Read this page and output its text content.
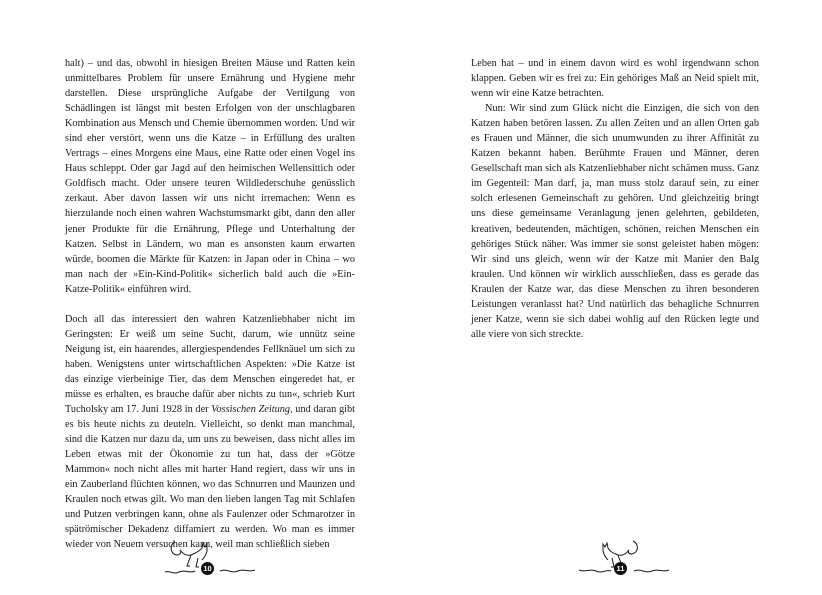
halt) – und das, obwohl in hiesigen Breiten Mäuse und Ratten kein unmittelbares Problem für unsere Ernährung und Hygiene mehr darstellen. Diese ursprüngliche Aufgabe der Vertilgung von Schädlingen ist längst mit besten Erfolgen von der unschlagbaren Kombination aus Mensch und Chemie übernommen worden. Und wir sind eher verstört, wenn uns die Katze – in Erfüllung des uralten Vertrags – eines Morgens eine Maus, eine Ratte oder einen Vogel ins Haus schleppt. Oder gar Jagd auf den heimischen Wellensittich oder Goldfisch macht. Oder unsere teuren Wildlederschuhe genüsslich zerkaut. Aber davon lassen wir uns nicht irremachen: Wenn es hierzulande noch einen wahren Wachstumsmarkt gibt, dann den aller jener Produkte für die Ernährung, Pflege und Unterhaltung der Katzen. Selbst in Ländern, wo man es ansonsten kaum erwarten würde, boomen die Märkte für Katzen: in Japan oder in China – wo man nach der »Ein-Kind-Politik« sicherlich bald auch die »Ein-Katze-Politik« einführen wird.

Doch all das interessiert den wahren Katzenliebhaber nicht im Geringsten: Er weiß um seine Sucht, darum, wie unnütz seine Neigung ist, ein haarendes, allergiespendendes Fellknäuel um sich zu haben. Wenigstens unter wirtschaftlichen Aspekten: »Die Katze ist das einzige vierbeinige Tier, das dem Menschen eingeredet hat, er müsse es erhalten, es brauche dafür aber nichts zu tun«, schrieb Kurt Tucholsky am 17. Juni 1928 in der Vossischen Zeitung, und daran gibt es bis heute nichts zu deuteln. Vielleicht, so denkt man manchmal, sind die Katzen nur dazu da, um uns zu beweisen, dass nicht alles im Leben etwas mit der Ökonomie zu tun hat, dass der »Götze Mammon« noch nicht alles mit harter Hand regiert, dass wir uns in ein Zauberland flüchten können, wo das Schnurren und Maunzen und Kraulen noch etwas gilt. Wo man den lieben langen Tag mit Schlafen und Putzen verbringen kann, ohne als Faulenzer oder Schmarotzer in spätrömischer Dekadenz diffamiert zu werden. Wo man es immer wieder von Neuem versuchen kann, weil man schließlich sieben

10

Leben hat – und in einem davon wird es wohl irgendwann schon klappen. Geben wir es frei zu: Ein gehöriges Maß an Neid spielt mit, wenn wir eine Katze betrachten.

Nun: Wir sind zum Glück nicht die Einzigen, die sich von den Katzen haben betören lassen. Zu allen Zeiten und an allen Orten gab es Frauen und Männer, die sich unumwunden zu ihrer Affinität zu Katzen bekannt haben. Berühmte Frauen und Männer, deren Gesellschaft man sich als Katzenliebhaber nicht schämen muss. Ganz im Gegenteil: Man darf, ja, man muss stolz darauf sein, zu einer solch erlesenen Gemeinschaft zu gehören. Und gleichzeitig bringt uns diese gemeinsame Veranlagung jenen gelehrten, gebildeten, kreativen, bedeutenden, mächtigen, schönen, reichen Menschen ein gehöriges Stück näher. Was immer sie sonst geleistet haben mögen: Wir sind uns gleich, wenn wir der Katze mit Manier den Balg kraulen. Und können wir wirklich ausschließen, dass es gerade das Kraulen der Katze war, das diese Menschen zu ihren besonderen Leistungen veranlasst hat? Und natürlich das behagliche Schnurren jener Katze, wenn sie sich dabei wohlig auf den Rücken legte und alle viere von sich streckte.

11
